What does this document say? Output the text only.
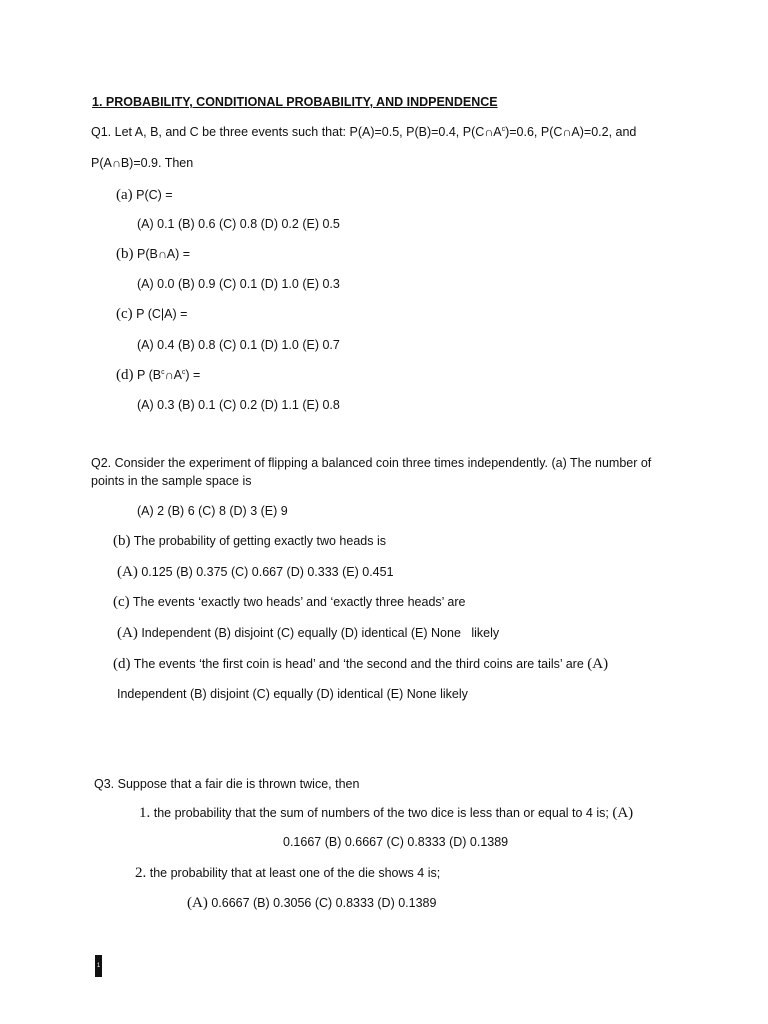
1. PROBABILITY, CONDITIONAL PROBABILITY, AND INDPENDENCE
Q1. Let A, B, and C be three events such that: P(A)=0.5, P(B)=0.4, $P(C\cap A^c)=0.6$, P(C∩A)=0.2, and
P(A∩B)=0.9. Then
(a) P(C) =
(A) 0.1 (B) 0.6 (C) 0.8 (D) 0.2 (E) 0.5
(b) P(B∩A) =
(A) 0.0 (B) 0.9 (C) 0.1 (D) 1.0 (E) 0.3
(c) P (C|A) =
(A) 0.4 (B) 0.8 (C) 0.1 (D) 1.0 (E) 0.7
(d) P $(B^c\cap A^c)$ =
(A) 0.3 (B) 0.1 (C) 0.2 (D) 1.1 (E) 0.8
Q2. Consider the experiment of flipping a balanced coin three times independently. (a) The number of
points in the sample space is
(A) 2 (B) 6 (C) 8 (D) 3 (E) 9
(b) The probability of getting exactly two heads is
(A) 0.125 (B) 0.375 (C) 0.667 (D) 0.333 (E) 0.451
(c) The events ‘exactly two heads’ and ‘exactly three heads’ are
(A) Independent (B) disjoint (C) equally (D) identical (E) None   likely
(d) The events ‘the first coin is head’ and ‘the second and the third coins are tails’ are (A)
Independent (B) disjoint (C) equally (D) identical (E) None likely
Q3. Suppose that a fair die is thrown twice, then
1. the probability that the sum of numbers of the two dice is less than or equal to 4 is; (A)
0.1667 (B) 0.6667 (C) 0.8333 (D) 0.1389
2. the probability that at least one of the die shows 4 is;
(A) 0.6667 (B) 0.3056 (C) 0.8333 (D) 0.1389
1
